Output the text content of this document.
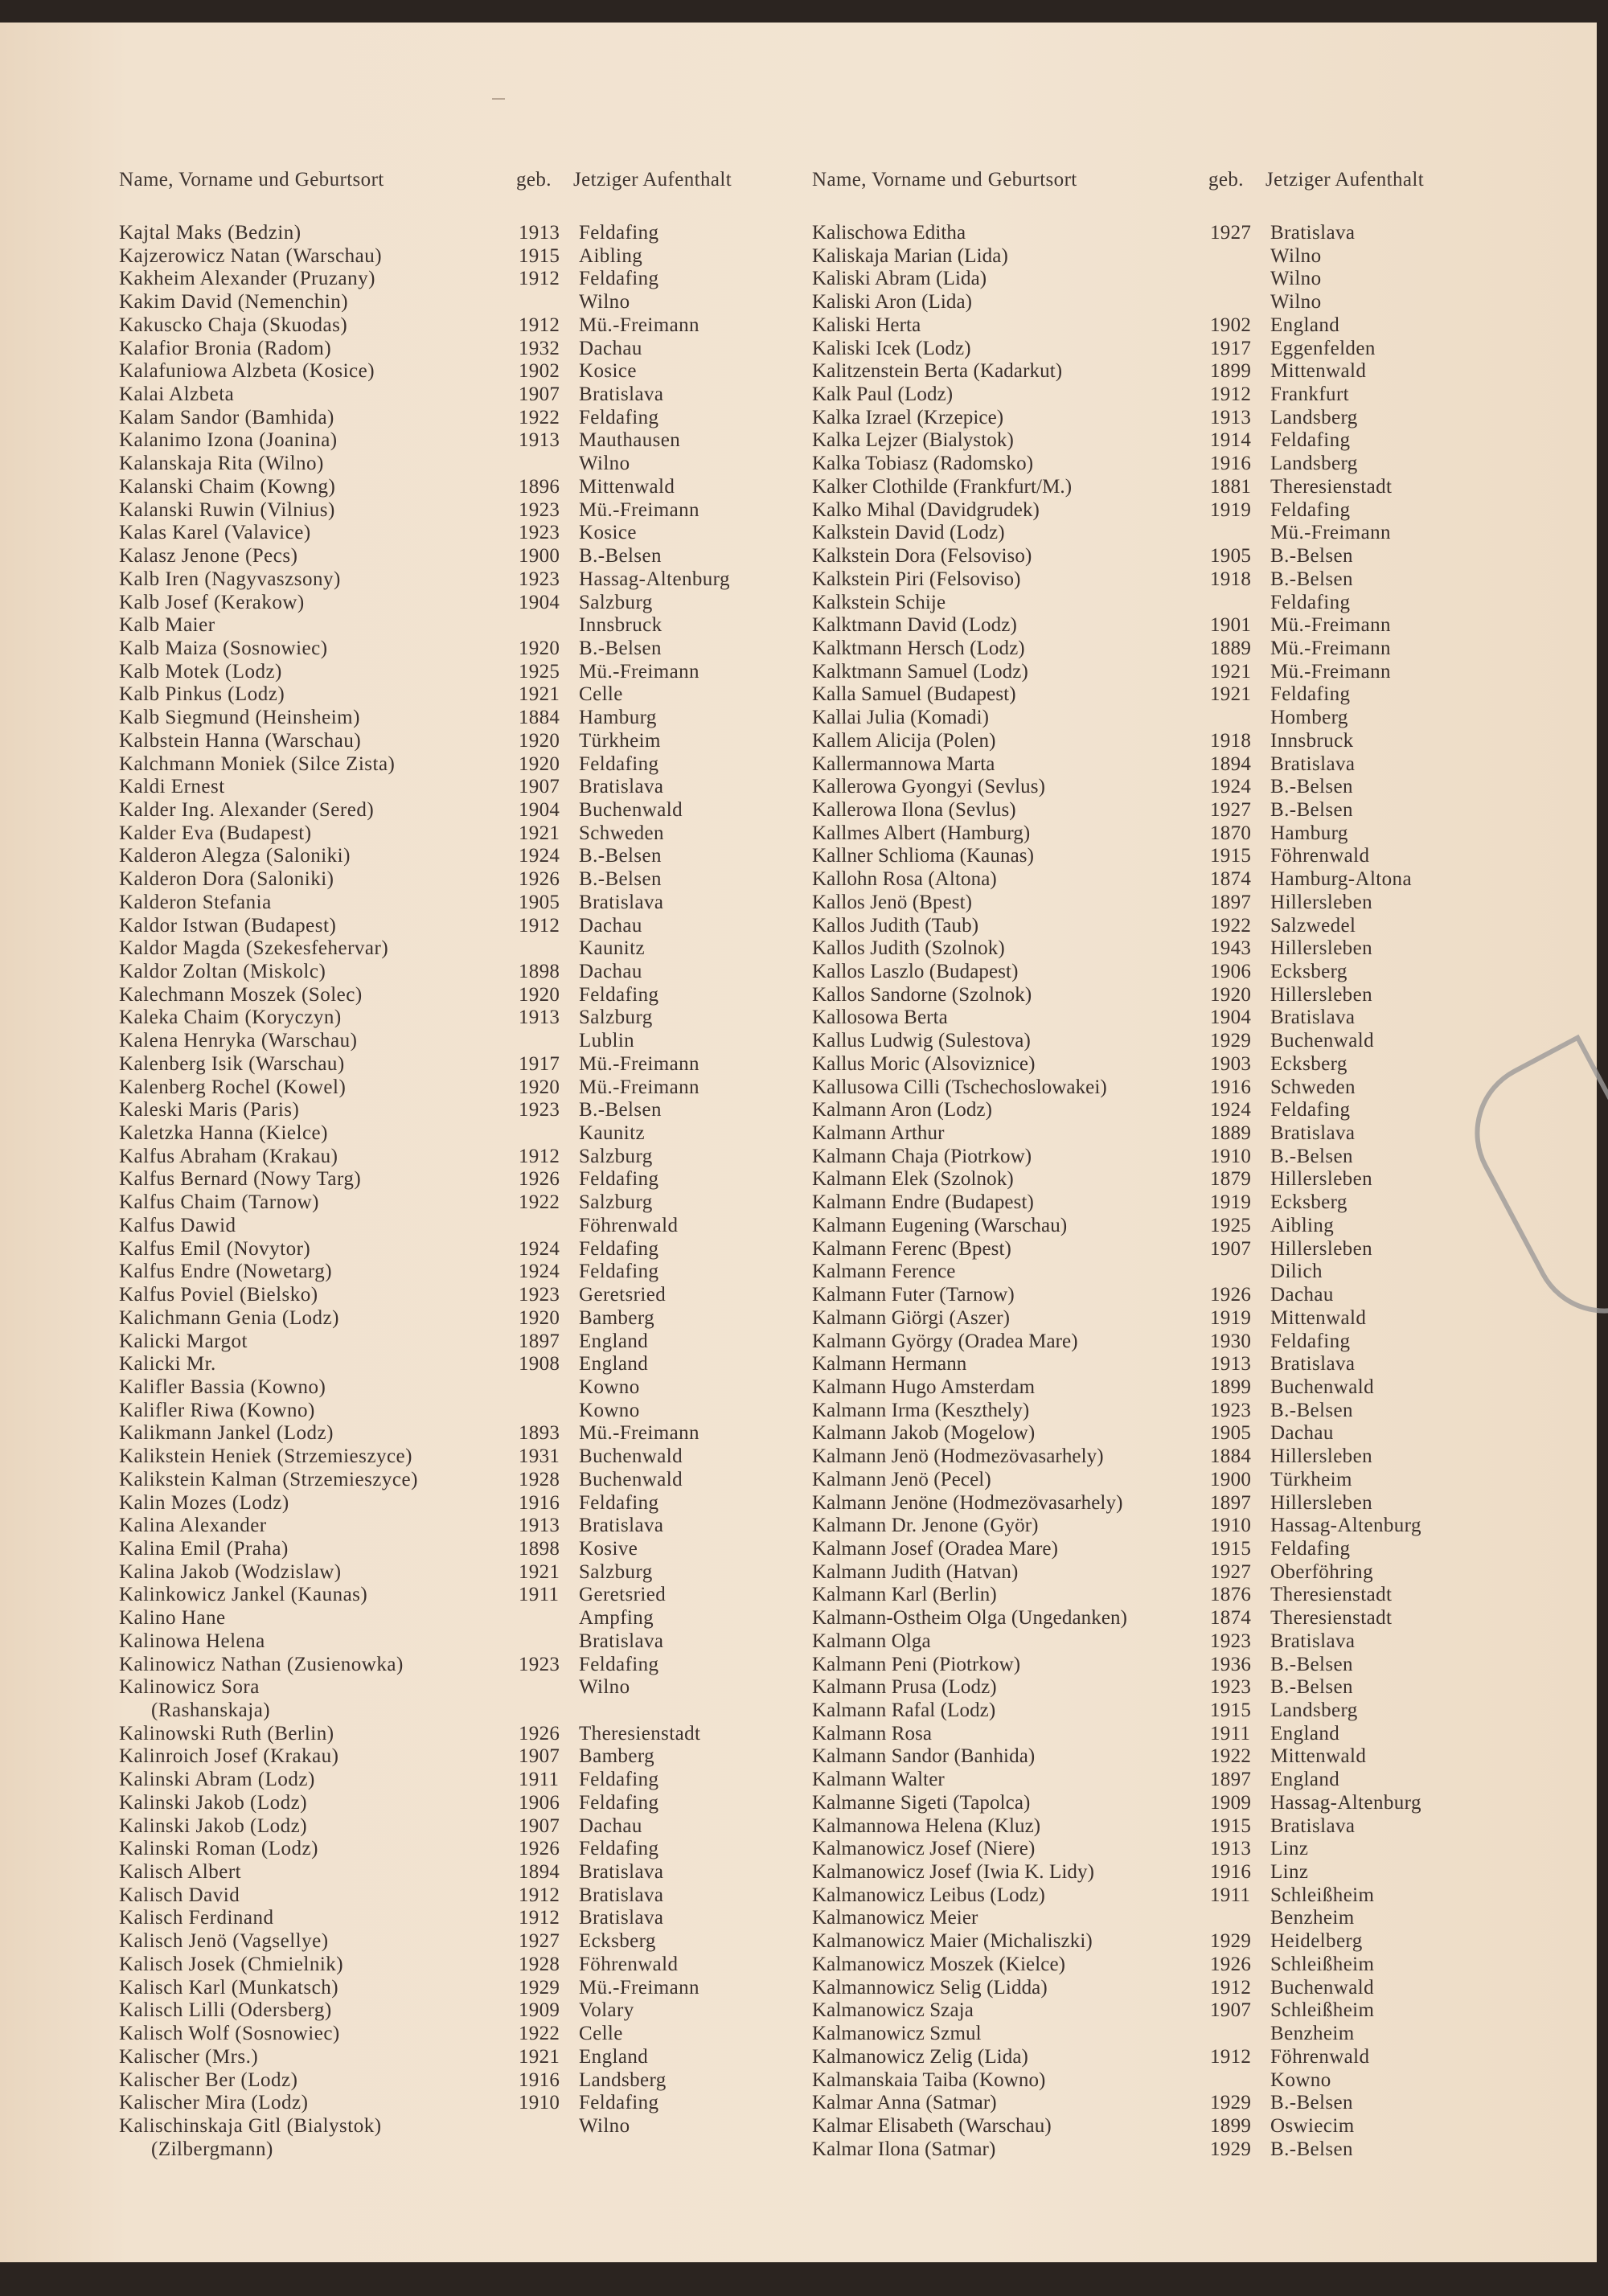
Name, Vorname und Geburtsort	geb. Jetziger Aufenthalt	Name, Vorname und Geburtsort	geb. Jetziger Aufenthalt
Kajtal Maks (Bedzin)	1913 Feldafing
Kajzerowicz Natan (Warschau)	1915 Aibling
Kakheim Alexander (Pruzany)	1912 Feldafing
Kakim David (Nemenchin)	Wilno
Kakuscko Chaja (Skuodas)	1912 Mü.-Freimann
Kalafior Bronia (Radom)	1932 Dachau
Kalafuniowa Alzbeta (Kosice)	1902 Kosice
Kalai Alzbeta	1907 Bratislava
Kalam Sandor (Bamhida)	1922 Feldafing
Kalanimo Izona (Joanina)	1913 Mauthausen
Kalanskaja Rita (Wilno)	Wilno
Kalanski Chaim (Kowng)	1896 Mittenwald
Kalanski Ruwin (Vilnius)	1923 Mü.-Freimann
Kalas Karel (Valavice)	1923 Kosice
Kalasz Jenone (Pecs)	1900 B.-Belsen
Kalb Iren (Nagyvaszsony)	1923 Hassag-Altenburg
Kalb Josef (Kerakow)	1904 Salzburg
Kalb Maier	Innsbruck
Kalb Maiza (Sosnowiec)	1920 B.-Belsen
Kalb Motek (Lodz)	1925 Mü.-Freimann
Kalb Pinkus (Lodz)	1921 Celle
Kalb Siegmund (Heinsheim)	1884 Hamburg
Kalbstein Hanna (Warschau)	1920 Türkheim
Kalchmann Moniek (Silce Zista)	1920 Feldafing
Kaldi Ernest	1907 Bratislava
Kalder Ing. Alexander (Sered)	1904 Buchenwald
Kalder Eva (Budapest)	1921 Schweden
Kalderon Alegza (Saloniki)	1924 B.-Belsen
Kalderon Dora (Saloniki)	1926 B.-Belsen
Kalderon Stefania	1905 Bratislava
Kaldor Istwan (Budapest)	1912 Dachau
Kaldor Magda (Szekesfehervar)	Kaunitz
Kaldor Zoltan (Miskolc)	1898 Dachau
Kalechmann Moszek (Solec)	1920 Feldafing
Kaleka Chaim (Koryczyn)	1913 Salzburg
Kalena Henryka (Warschau)	Lublin
Kalenberg Isik (Warschau)	1917 Mü.-Freimann
Kalenberg Rochel (Kowel)	1920 Mü.-Freimann
Kaleski Maris (Paris)	1923 B.-Belsen
Kaletzka Hanna (Kielce)	Kaunitz
Kalfus Abraham (Krakau)	1912 Salzburg
Kalfus Bernard (Nowy Targ)	1926 Feldafing
Kalfus Chaim (Tarnow)	1922 Salzburg
Kalfus Dawid	Föhrenwald
Kalfus Emil (Novytor)	1924 Feldafing
Kalfus Endre (Nowetarg)	1924 Feldafing
Kalfus Poviel (Bielsko)	1923 Geretsried
Kalichmann Genia (Lodz)	1920 Bamberg
Kalicki Margot	1897 England
Kalicki Mr.	1908 England
Kalifler Bassia (Kowno)	Kowno
Kalifler Riwa (Kowno)	Kowno
Kalikmann Jankel (Lodz)	1893 Mü.-Freimann
Kalikstein Heniek (Strzemieszyce)	1931 Buchenwald
Kalikstein Kalman (Strzemieszyce)	1928 Buchenwald
Kalin Mozes (Lodz)	1916 Feldafing
Kalina Alexander	1913 Bratislava
Kalina Emil (Praha)	1898 Kosive
Kalina Jakob (Wodzislaw)	1921 Salzburg
Kalinkowicz Jankel (Kaunas)	1911 Geretsried
Kalino Hane	Ampfing
Kalinowa Helena	Bratislava
Kalinowicz Nathan (Zusienowka)	1923 Feldafing
Kalinowicz Sora	Wilno
(Rashanskaja)
Kalinowski Ruth (Berlin)	1926 Theresienstadt
Kalinroich Josef (Krakau)	1907 Bamberg
Kalinski Abram (Lodz)	1911 Feldafing
Kalinski Jakob (Lodz)	1906 Feldafing
Kalinski Jakob (Lodz)	1907 Dachau
Kalinski Roman (Lodz)	1926 Feldafing
Kalisch Albert	1894 Bratislava
Kalisch David	1912 Bratislava
Kalisch Ferdinand	1912 Bratislava
Kalisch Jenö (Vagsellye)	1927 Ecksberg
Kalisch Josek (Chmielnik)	1928 Föhrenwald
Kalisch Karl (Munkatsch)	1929 Mü.-Freimann
Kalisch Lilli (Odersberg)	1909 Volary
Kalisch Wolf (Sosnowiec)	1922 Celle
Kalischer (Mrs.)	1921 England
Kalischer Ber (Lodz)	1916 Landsberg
Kalischer Mira (Lodz)	1910 Feldafing
Kalischinskaja Gitl (Bialystok)	Wilno
(Zilbergmann)
Kalischowa Editha	1927 Bratislava
Kaliskaja Marian (Lida)	Wilno
Kaliski Abram (Lida)	Wilno
Kaliski Aron (Lida)	Wilno
Kaliski Herta	1902 England
Kaliski Icek (Lodz)	1917 Eggenfelden
Kalitzenstein Berta (Kadarkut)	1899 Mittenwald
Kalk Paul (Lodz)	1912 Frankfurt
Kalka Izrael (Krzepice)	1913 Landsberg
Kalka Lejzer (Bialystok)	1914 Feldafing
Kalka Tobiasz (Radomsko)	1916 Landsberg
Kalker Clothilde (Frankfurt/M.)	1881 Theresienstadt
Kalko Mihal (Davidgrudek)	1919 Feldafing
Kalkstein David (Lodz)	Mü.-Freimann
Kalkstein Dora (Felsoviso)	1905 B.-Belsen
Kalkstein Piri (Felsoviso)	1918 B.-Belsen
Kalkstein Schije	Feldafing
Kalktmann David (Lodz)	1901 Mü.-Freimann
Kalktmann Hersch (Lodz)	1889 Mü.-Freimann
Kalktmann Samuel (Lodz)	1921 Mü.-Freimann
Kalla Samuel (Budapest)	1921 Feldafing
Kallai Julia (Komadi)	Homberg
Kallem Alicija (Polen)	1918 Innsbruck
Kallermannowa Marta	1894 Bratislava
Kallerowa Gyongyi (Sevlus)	1924 B.-Belsen
Kallerowa Ilona (Sevlus)	1927 B.-Belsen
Kallmes Albert (Hamburg)	1870 Hamburg
Kallner Schlioma (Kaunas)	1915 Föhrenwald
Kallohn Rosa (Altona)	1874 Hamburg-Altona
Kallos Jenö (Bpest)	1897 Hillersleben
Kallos Judith (Taub)	1922 Salzwedel
Kallos Judith (Szolnok)	1943 Hillersleben
Kallos Laszlo (Budapest)	1906 Ecksberg
Kallos Sandorne (Szolnok)	1920 Hillersleben
Kallosowa Berta	1904 Bratislava
Kallus Ludwig (Sulestova)	1929 Buchenwald
Kallus Moric (Alsoviznice)	1903 Ecksberg
Kallusowa Cilli (Tschechoslowakei)	1916 Schweden
Kalmann Aron (Lodz)	1924 Feldafing
Kalmann Arthur	1889 Bratislava
Kalmann Chaja (Piotrkow)	1910 B.-Belsen
Kalmann Elek (Szolnok)	1879 Hillersleben
Kalmann Endre (Budapest)	1919 Ecksberg
Kalmann Eugening (Warschau)	1925 Aibling
Kalmann Ferenc (Bpest)	1907 Hillersleben
Kalmann Ference	Dilich
Kalmann Futer (Tarnow)	1926 Dachau
Kalmann Giörgi (Aszer)	1919 Mittenwald
Kalmann György (Oradea Mare)	1930 Feldafing
Kalmann Hermann	1913 Bratislava
Kalmann Hugo Amsterdam	1899 Buchenwald
Kalmann Irma (Keszthely)	1923 B.-Belsen
Kalmann Jakob (Mogelow)	1905 Dachau
Kalmann Jenö (Hodmezövasarhely)	1884 Hillersleben
Kalmann Jenö (Pecel)	1900 Türkheim
Kalmann Jenöne (Hodmezövasarhely)	1897 Hillersleben
Kalmann Dr. Jenone (Györ)	1910 Hassag-Altenburg
Kalmann Josef (Oradea Mare)	1915 Feldafing
Kalmann Judith (Hatvan)	1927 Oberföhring
Kalmann Karl (Berlin)	1876 Theresienstadt
Kalmann-Ostheim Olga (Ungedanken)	1874 Theresienstadt
Kalmann Olga	1923 Bratislava
Kalmann Peni (Piotrkow)	1936 B.-Belsen
Kalmann Prusa (Lodz)	1923 B.-Belsen
Kalmann Rafal (Lodz)	1915 Landsberg
Kalmann Rosa	1911 England
Kalmann Sandor (Banhida)	1922 Mittenwald
Kalmann Walter	1897 England
Kalmanne Sigeti (Tapolca)	1909 Hassag-Altenburg
Kalmannowa Helena (Kluz)	1915 Bratislava
Kalmanowicz Josef (Niere)	1913 Linz
Kalmanowicz Josef (Iwia K. Lidy)	1916 Linz
Kalmanowicz Leibus (Lodz)	1911 Schleißheim
Kalmanowicz Meier	Benzheim
Kalmanowicz Maier (Michaliszki)	1929 Heidelberg
Kalmanowicz Moszek (Kielce)	1926 Schleißheim
Kalmannowicz Selig (Lidda)	1912 Buchenwald
Kalmanowicz Szaja	1907 Schleißheim
Kalmanowicz Szmul	Benzheim
Kalmanowicz Zelig (Lida)	1912 Föhrenwald
Kalmanskaia Taiba (Kowno)	Kowno
Kalmar Anna (Satmar)	1929 B.-Belsen
Kalmar Elisabeth (Warschau)	1899 Oswiecim
Kalmar Ilona (Satmar)	1929 B.-Belsen
